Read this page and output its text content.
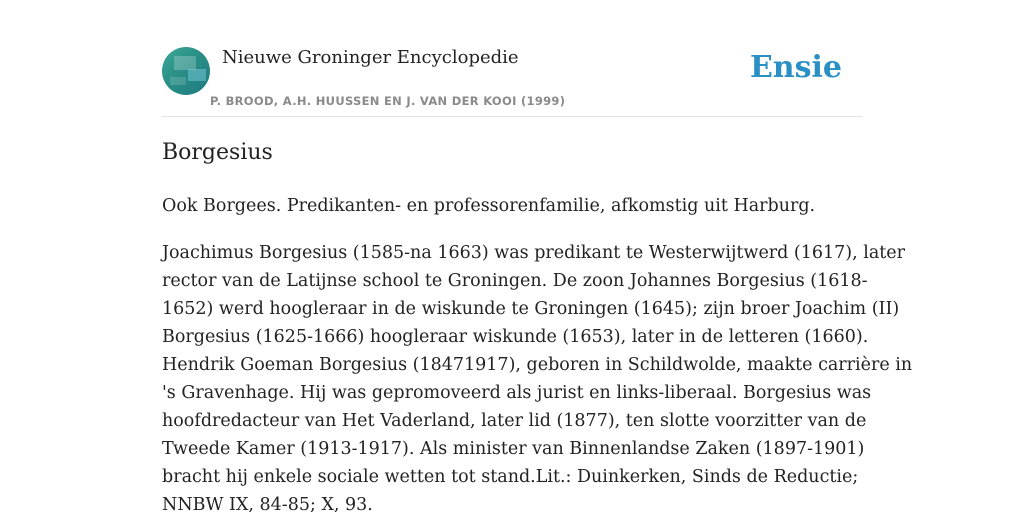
Nieuwe Groninger Encyclopedie
P. BROOD, A.H. HUUSSEN EN J. VAN DER KOOI (1999)
Ensie
Borgesius

Ook Borgees. Predikanten- en professorenfamilie, afkomstig uit Harburg.

Joachimus Borgesius (1585-na 1663) was predikant te Westerwijtwerd (1617), later
rector van de Latijnse school te Groningen. De zoon Johannes Borgesius (1618-
1652) werd hoogleraar in de wiskunde te Groningen (1645); zijn broer Joachim (II)
Borgesius (1625-1666) hoogleraar wiskunde (1653), later in de letteren (1660).
Hendrik Goeman Borgesius (18471917), geboren in Schildwolde, maakte carrière in
's Gravenhage. Hij was gepromoveerd als jurist en links-liberaal. Borgesius was
hoofdredacteur van Het Vaderland, later lid (1877), ten slotte voorzitter van de
Tweede Kamer (1913-1917). Als minister van Binnenlandse Zaken (1897-1901)
bracht hij enkele sociale wetten tot stand.Lit.: Duinkerken, Sinds de Reductie;
NNBW IX, 84-85; X, 93.
